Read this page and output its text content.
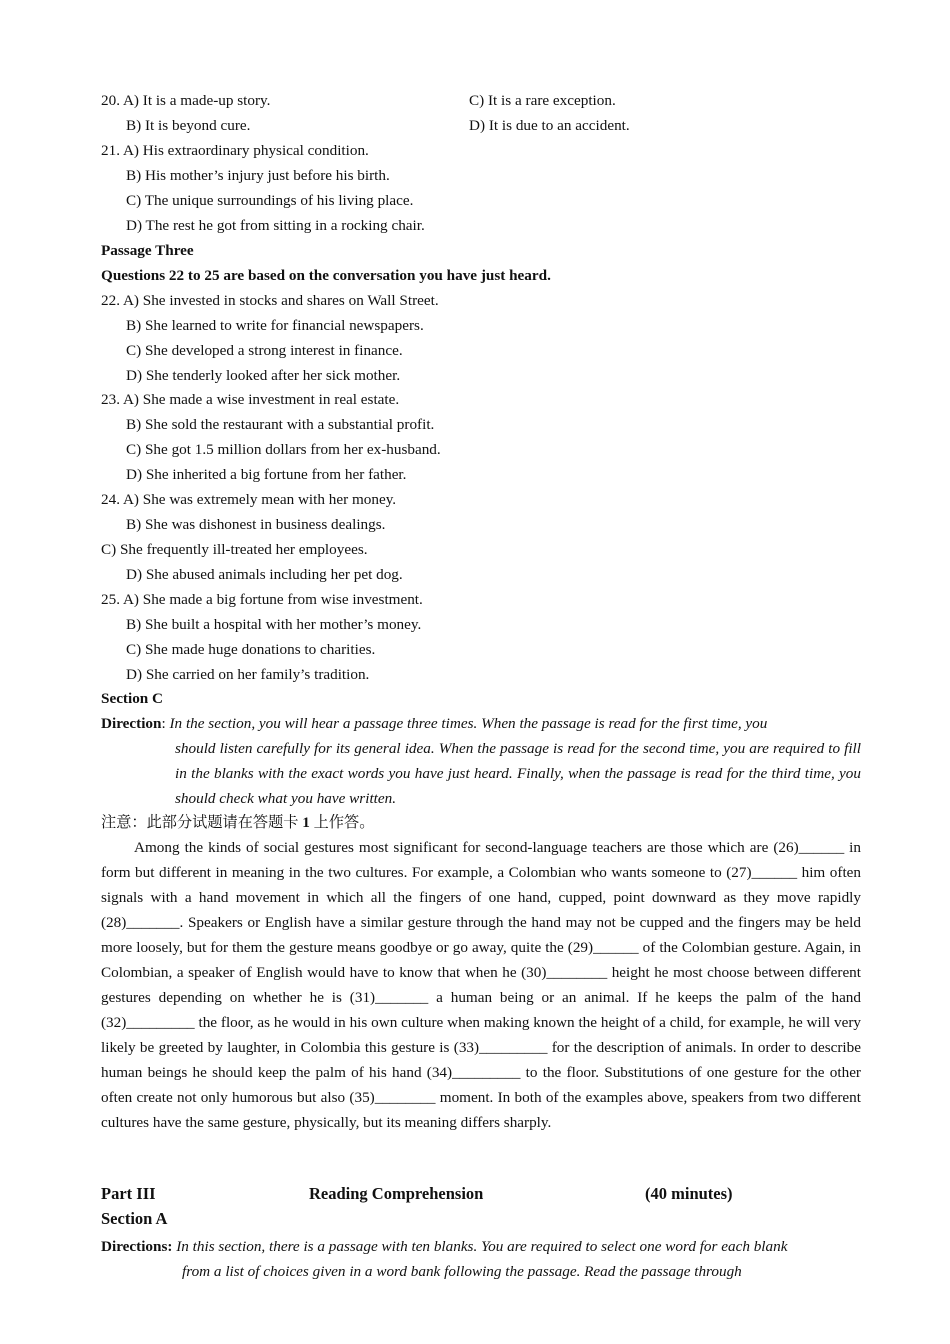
20. A) It is a made-up story.	C) It is a rare exception.
B) It is beyond cure.	D) It is due to an accident.
21. A) His extraordinary physical condition.
B) His mother’s injury just before his birth.
C) The unique surroundings of his living place.
D) The rest he got from sitting in a rocking chair.
Passage Three
Questions 22 to 25 are based on the conversation you have just heard.
22. A) She invested in stocks and shares on Wall Street.
B) She learned to write for financial newspapers.
C) She developed a strong interest in finance.
D) She tenderly looked after her sick mother.
23. A) She made a wise investment in real estate.
B) She sold the restaurant with a substantial profit.
C) She got 1.5 million dollars from her ex-husband.
D) She inherited a big fortune from her father.
24. A) She was extremely mean with her money.
B) She was dishonest in business dealings.
C) She frequently ill-treated her employees.
D) She abused animals including her pet dog.
25. A) She made a big fortune from wise investment.
B) She built a hospital with her mother’s money.
C) She made huge donations to charities.
D) She carried on her family’s tradition.
Section C
Direction: In the section, you will hear a passage three times. When the passage is read for the first time, you
should listen carefully for its general idea. When the passage is read for the second time, you are required to fill in the blanks with the exact words you have just heard. Finally, when the passage is read for the third time, you should check what you have written.
注意：此部分试题请在答题卡 1 上作答。
Among the kinds of social gestures most significant for second-language teachers are those which are (26)______ in form but different in meaning in the two cultures. For example, a Colombian who wants someone to (27)______ him often signals with a hand movement in which all the fingers of one hand, cupped, point downward as they move rapidly (28)_______. Speakers or English have a similar gesture through the hand may not be cupped and the fingers may be held more loosely, but for them the gesture means goodbye or go away, quite the (29)______ of the Colombian gesture. Again, in Colombian, a speaker of English would have to know that when he (30)________ height he most choose between different gestures depending on whether he is (31)_______ a human being or an animal. If he keeps the palm of the hand (32)_________ the floor, as he would in his own culture when making known the height of a child, for example, he will very likely be greeted by laughter, in Colombia this gesture is (33)_________ for the description of animals. In order to describe human beings he should keep the palm of his hand (34)_________ to the floor. Substitutions of one gesture for the other often create not only humorous but also (35)________ moment. In both of the examples above, speakers from two different cultures have the same gesture, physically, but its meaning differs sharply.
Part III	Reading Comprehension	(40 minutes)
Section A
Directions: In this section, there is a passage with ten blanks. You are required to select one word for each blank
from a list of choices given in a word bank following the passage. Read the passage through
